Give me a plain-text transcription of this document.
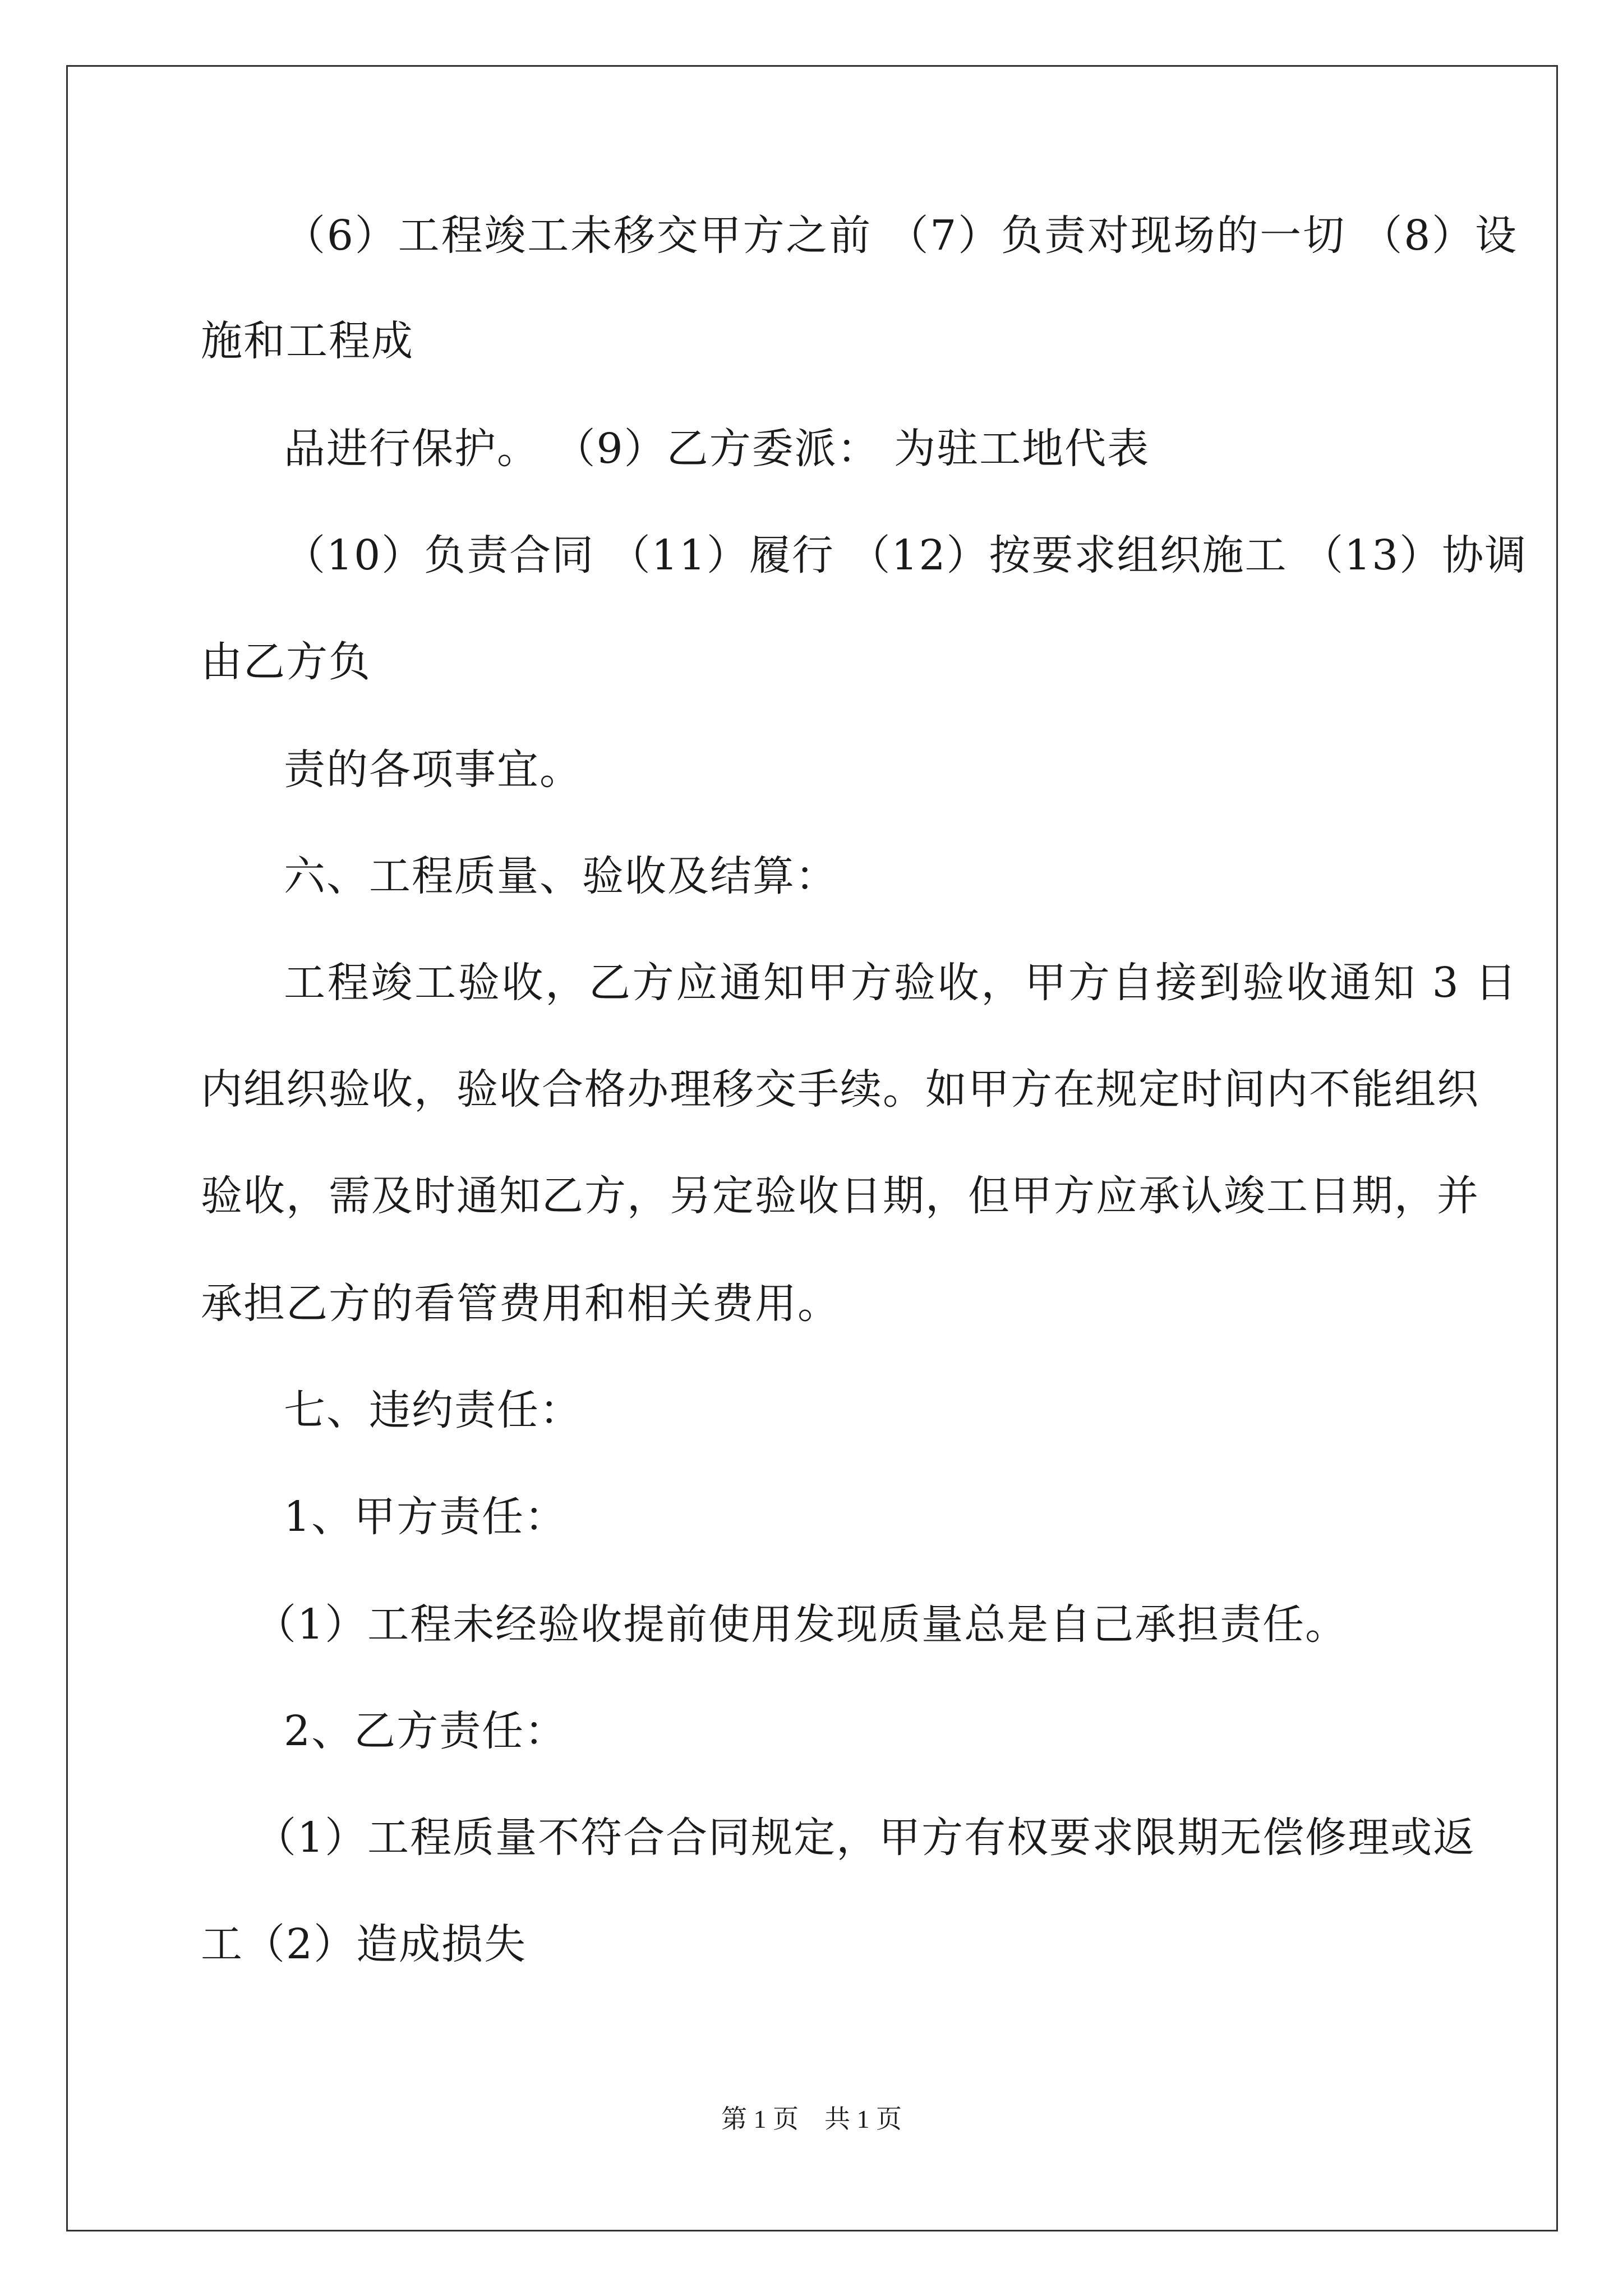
（6）工程竣工未移交甲方之前 （7）负责对现场的一切 （8）设
施和工程成
品进行保护。 （9）乙方委派： 为驻工地代表
（10）负责合同 （11）履行 （12）按要求组织施工 （13）协调
由乙方负
责的各项事宜。
六、工程质量、验收及结算：
工程竣工验收，乙方应通知甲方验收，甲方自接到验收通知 3 日
内组织验收，验收合格办理移交手续。如甲方在规定时间内不能组织
验收，需及时通知乙方，另定验收日期，但甲方应承认竣工日期，并
承担乙方的看管费用和相关费用。
七、违约责任：
1、甲方责任：
（1）工程未经验收提前使用发现质量总是自己承担责任。
2、乙方责任：
（1）工程质量不符合合同规定，甲方有权要求限期无偿修理或返
工（2）造成损失
第 1 页 共 1 页
